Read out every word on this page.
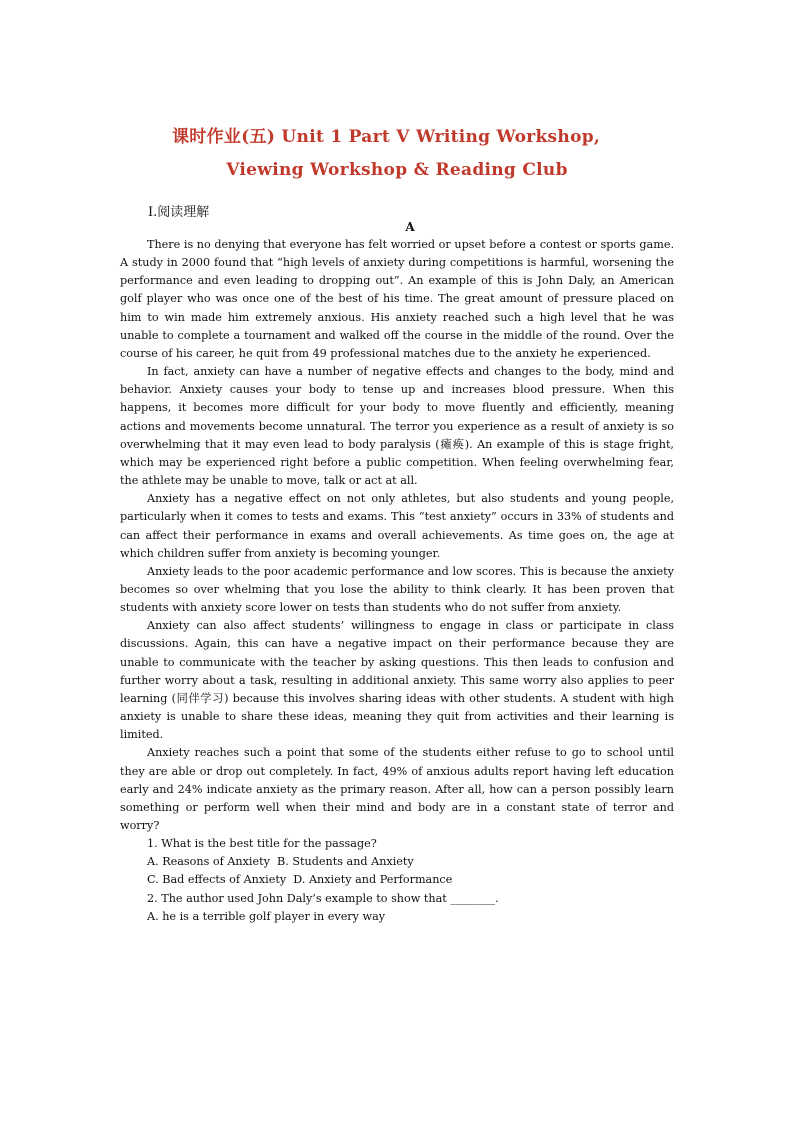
课时作业(五) Unit 1 Part Ⅴ Writing Workshop,
Viewing Workshop & Reading Club
Ⅰ.阅读理解
A

There is no denying that everyone has felt worried or upset before a contest or sports game. A study in 2000 found that “high levels of anxiety during competitions is harmful, worsening the performance and even leading to dropping out”. An example of this is John Daly, an American golf player who was once one of the best of his time. The great amount of pressure placed on him to win made him extremely anxious. His anxiety reached such a high level that he was unable to complete a tournament and walked off the course in the middle of the round. Over the course of his career, he quit from 49 professional matches due to the anxiety he experienced.

In fact, anxiety can have a number of negative effects and changes to the body, mind and behavior. Anxiety causes your body to tense up and increases blood pressure. When this happens, it becomes more difficult for your body to move fluently and efficiently, meaning actions and movements become unnatural. The terror you experience as a result of anxiety is so overwhelming that it may even lead to body paralysis (瘫痪). An example of this is stage fright, which may be experienced right before a public competition. When feeling overwhelming fear, the athlete may be unable to move, talk or act at all.

Anxiety has a negative effect on not only athletes, but also students and young people, particularly when it comes to tests and exams. This “test anxiety” occurs in 33% of students and can affect their performance in exams and overall achievements. As time goes on, the age at which children suffer from anxiety is becoming younger.

Anxiety leads to the poor academic performance and low scores. This is because the anxiety becomes so over whelming that you lose the ability to think clearly. It has been proven that students with anxiety score lower on tests than students who do not suffer from anxiety.

Anxiety can also affect students’ willingness to engage in class or participate in class discussions. Again, this can have a negative impact on their performance because they are unable to communicate with the teacher by asking questions. This then leads to confusion and further worry about a task, resulting in additional anxiety. This same worry also applies to peer learning (同伴学习) because this involves sharing ideas with other students. A student with high anxiety is unable to share these ideas, meaning they quit from activities and their learning is limited.

Anxiety reaches such a point that some of the students either refuse to go to school until they are able or drop out completely. In fact, 49% of anxious adults report having left education early and 24% indicate anxiety as the primary reason. After all, how can a person possibly learn something or perform well when their mind and body are in a constant state of terror and worry?

1. What is the best title for the passage?

A. Reasons of Anxiety  B. Students and Anxiety

C. Bad effects of Anxiety  D. Anxiety and Performance

2. The author used John Daly’s example to show that ________.

A. he is a terrible golf player in every way
